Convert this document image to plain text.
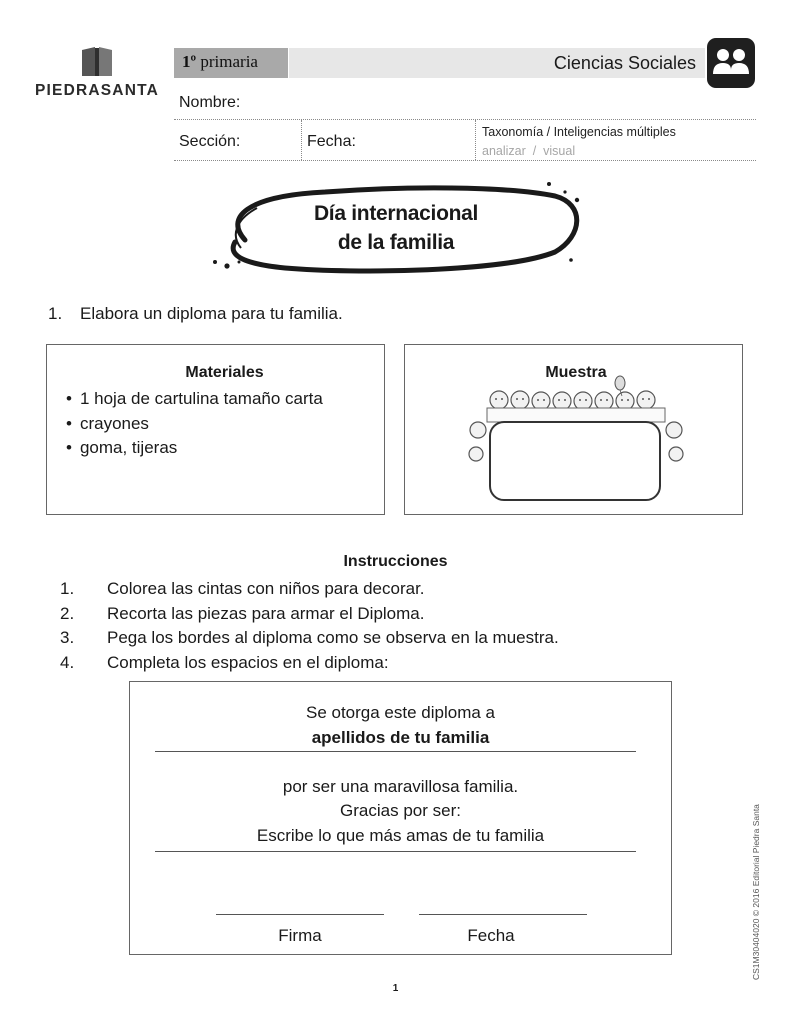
PIEDRASANTA
1º primaria	Ciencias Sociales
Nombre:
Sección:	Fecha:
Taxonomía / Inteligencias múltiples
analizar  /  visual
Día internacional
de la familia
1. Elabora un diploma para tu familia.
Materiales
• 1 hoja de cartulina tamaño carta
• crayones
• goma, tijeras
Muestra
Instrucciones
1. Colorea las cintas con niños para decorar.
2. Recorta las piezas para armar el Diploma.
3. Pega los bordes al diploma como se observa en la muestra.
4. Completa los espacios en el diploma:
Se otorga este diploma a
apellidos de tu familia
por ser una maravillosa familia.
Gracias por ser:
Escribe lo que más amas de tu familia
Firma	Fecha	CS1M30404020 © 2016 Editorial Piedra Santa
1
